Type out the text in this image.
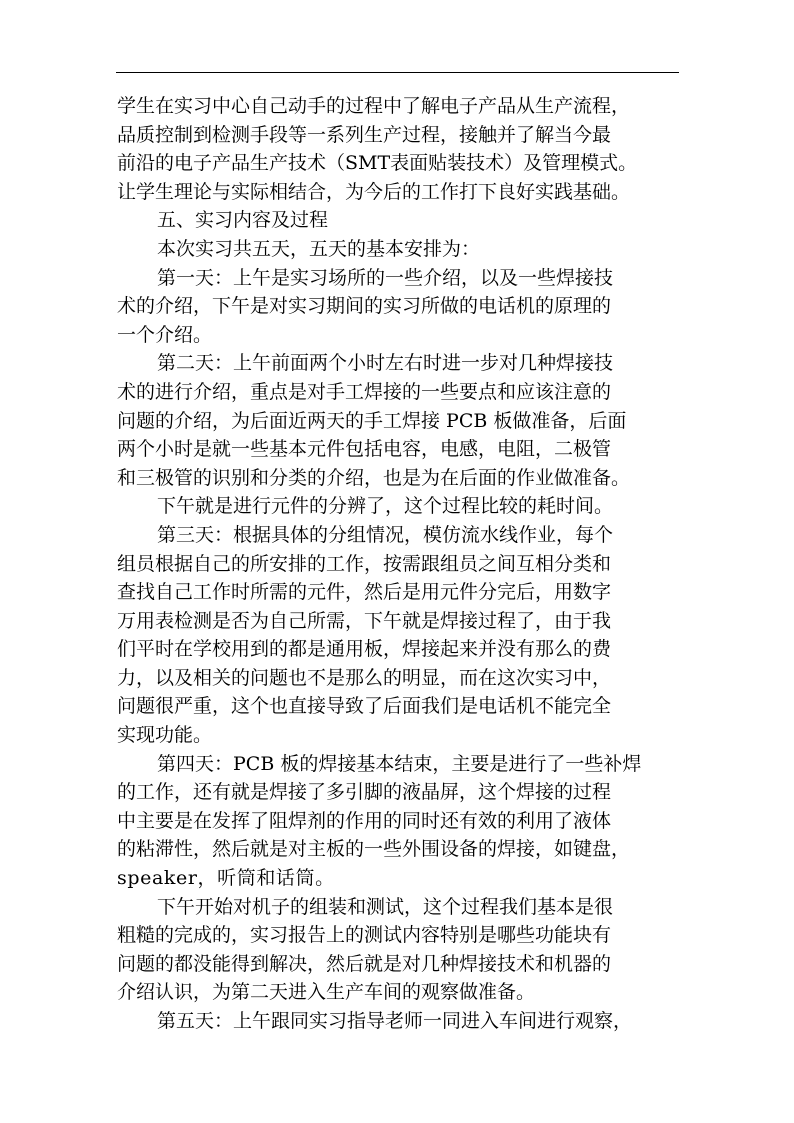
学生在实习中心自己动手的过程中了解电子产品从生产流程，
品质控制到检测手段等一系列生产过程，接触并了解当今最
前沿的电子产品生产技术（SMT表面贴装技术）及管理模式。
让学生理论与实际相结合，为今后的工作打下良好实践基础。
五、实习内容及过程
本次实习共五天，五天的基本安排为：
第一天：上午是实习场所的一些介绍，以及一些焊接技
术的介绍，下午是对实习期间的实习所做的电话机的原理的
一个介绍。
第二天：上午前面两个小时左右时进一步对几种焊接技
术的进行介绍，重点是对手工焊接的一些要点和应该注意的
问题的介绍，为后面近两天的手工焊接 PCB 板做准备，后面
两个小时是就一些基本元件包括电容，电感，电阻，二极管
和三极管的识别和分类的介绍，也是为在后面的作业做准备。
下午就是进行元件的分辨了，这个过程比较的耗时间。
第三天：根据具体的分组情况，模仿流水线作业，每个
组员根据自己的所安排的工作，按需跟组员之间互相分类和
查找自己工作时所需的元件，然后是用元件分完后，用数字
万用表检测是否为自己所需，下午就是焊接过程了，由于我
们平时在学校用到的都是通用板，焊接起来并没有那么的费
力，以及相关的问题也不是那么的明显，而在这次实习中，
问题很严重，这个也直接导致了后面我们是电话机不能完全
实现功能。
第四天：PCB 板的焊接基本结束，主要是进行了一些补焊
的工作，还有就是焊接了多引脚的液晶屏，这个焊接的过程
中主要是在发挥了阻焊剂的作用的同时还有效的利用了液体
的粘滞性，然后就是对主板的一些外围设备的焊接，如键盘，
speaker，听筒和话筒。
下午开始对机子的组装和测试，这个过程我们基本是很
粗糙的完成的，实习报告上的测试内容特别是哪些功能块有
问题的都没能得到解决，然后就是对几种焊接技术和机器的
介绍认识，为第二天进入生产车间的观察做准备。
第五天：上午跟同实习指导老师一同进入车间进行观察，
